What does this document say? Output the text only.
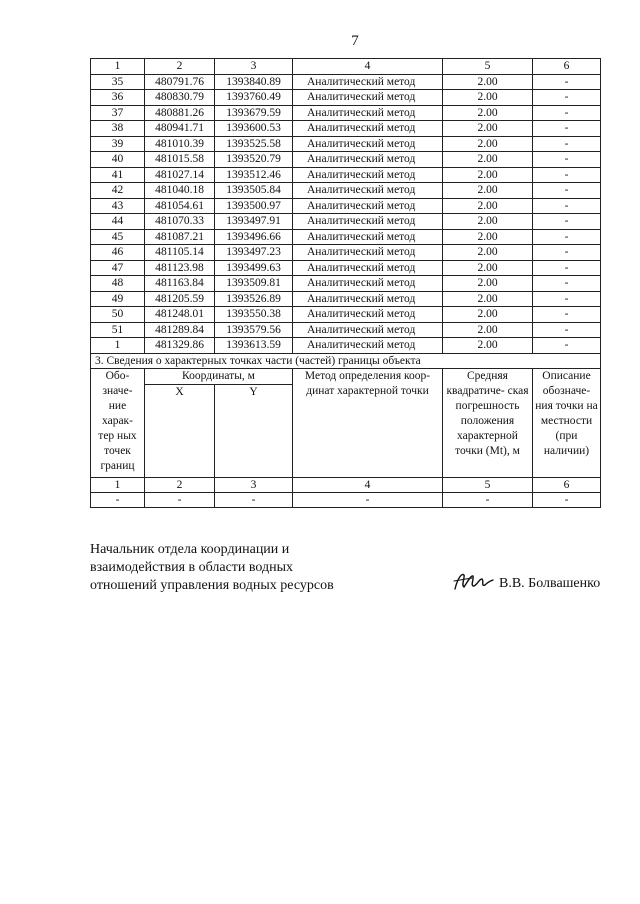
7
1	2	3	4	5	6
35	480791.76	1393840.89	Аналитический метод	2.00	-
36	480830.79	1393760.49	Аналитический метод	2.00	-
37	480881.26	1393679.59	Аналитический метод	2.00	-
38	480941.71	1393600.53	Аналитический метод	2.00	-
39	481010.39	1393525.58	Аналитический метод	2.00	-
40	481015.58	1393520.79	Аналитический метод	2.00	-
41	481027.14	1393512.46	Аналитический метод	2.00	-
42	481040.18	1393505.84	Аналитический метод	2.00	-
43	481054.61	1393500.97	Аналитический метод	2.00	-
44	481070.33	1393497.91	Аналитический метод	2.00	-
45	481087.21	1393496.66	Аналитический метод	2.00	-
46	481105.14	1393497.23	Аналитический метод	2.00	-
47	481123.98	1393499.63	Аналитический метод	2.00	-
48	481163.84	1393509.81	Аналитический метод	2.00	-
49	481205.59	1393526.89	Аналитический метод	2.00	-
50	481248.01	1393550.38	Аналитический метод	2.00	-
51	481289.84	1393579.56	Аналитический метод	2.00	-
1	481329.86	1393613.59	Аналитический метод	2.00	-
3. Сведения о характерных точках части (частей) границы объекта					
Обо- значе- ние харак- тер ных точек границ	Координаты, м		Метод определения коор- динат характерной точки	Средняя квадратиче- ская погрешность положения характерной точки (Mt), м	Описание обозначе- ния точки на местности (при наличии)
	X	Y			
1	2	3	4	5	6
-	-	-	-	-	-
Начальник отдела координации и
взаимодействия в области водных
отношений управления водных ресурсов	В.В. Болвашенко
